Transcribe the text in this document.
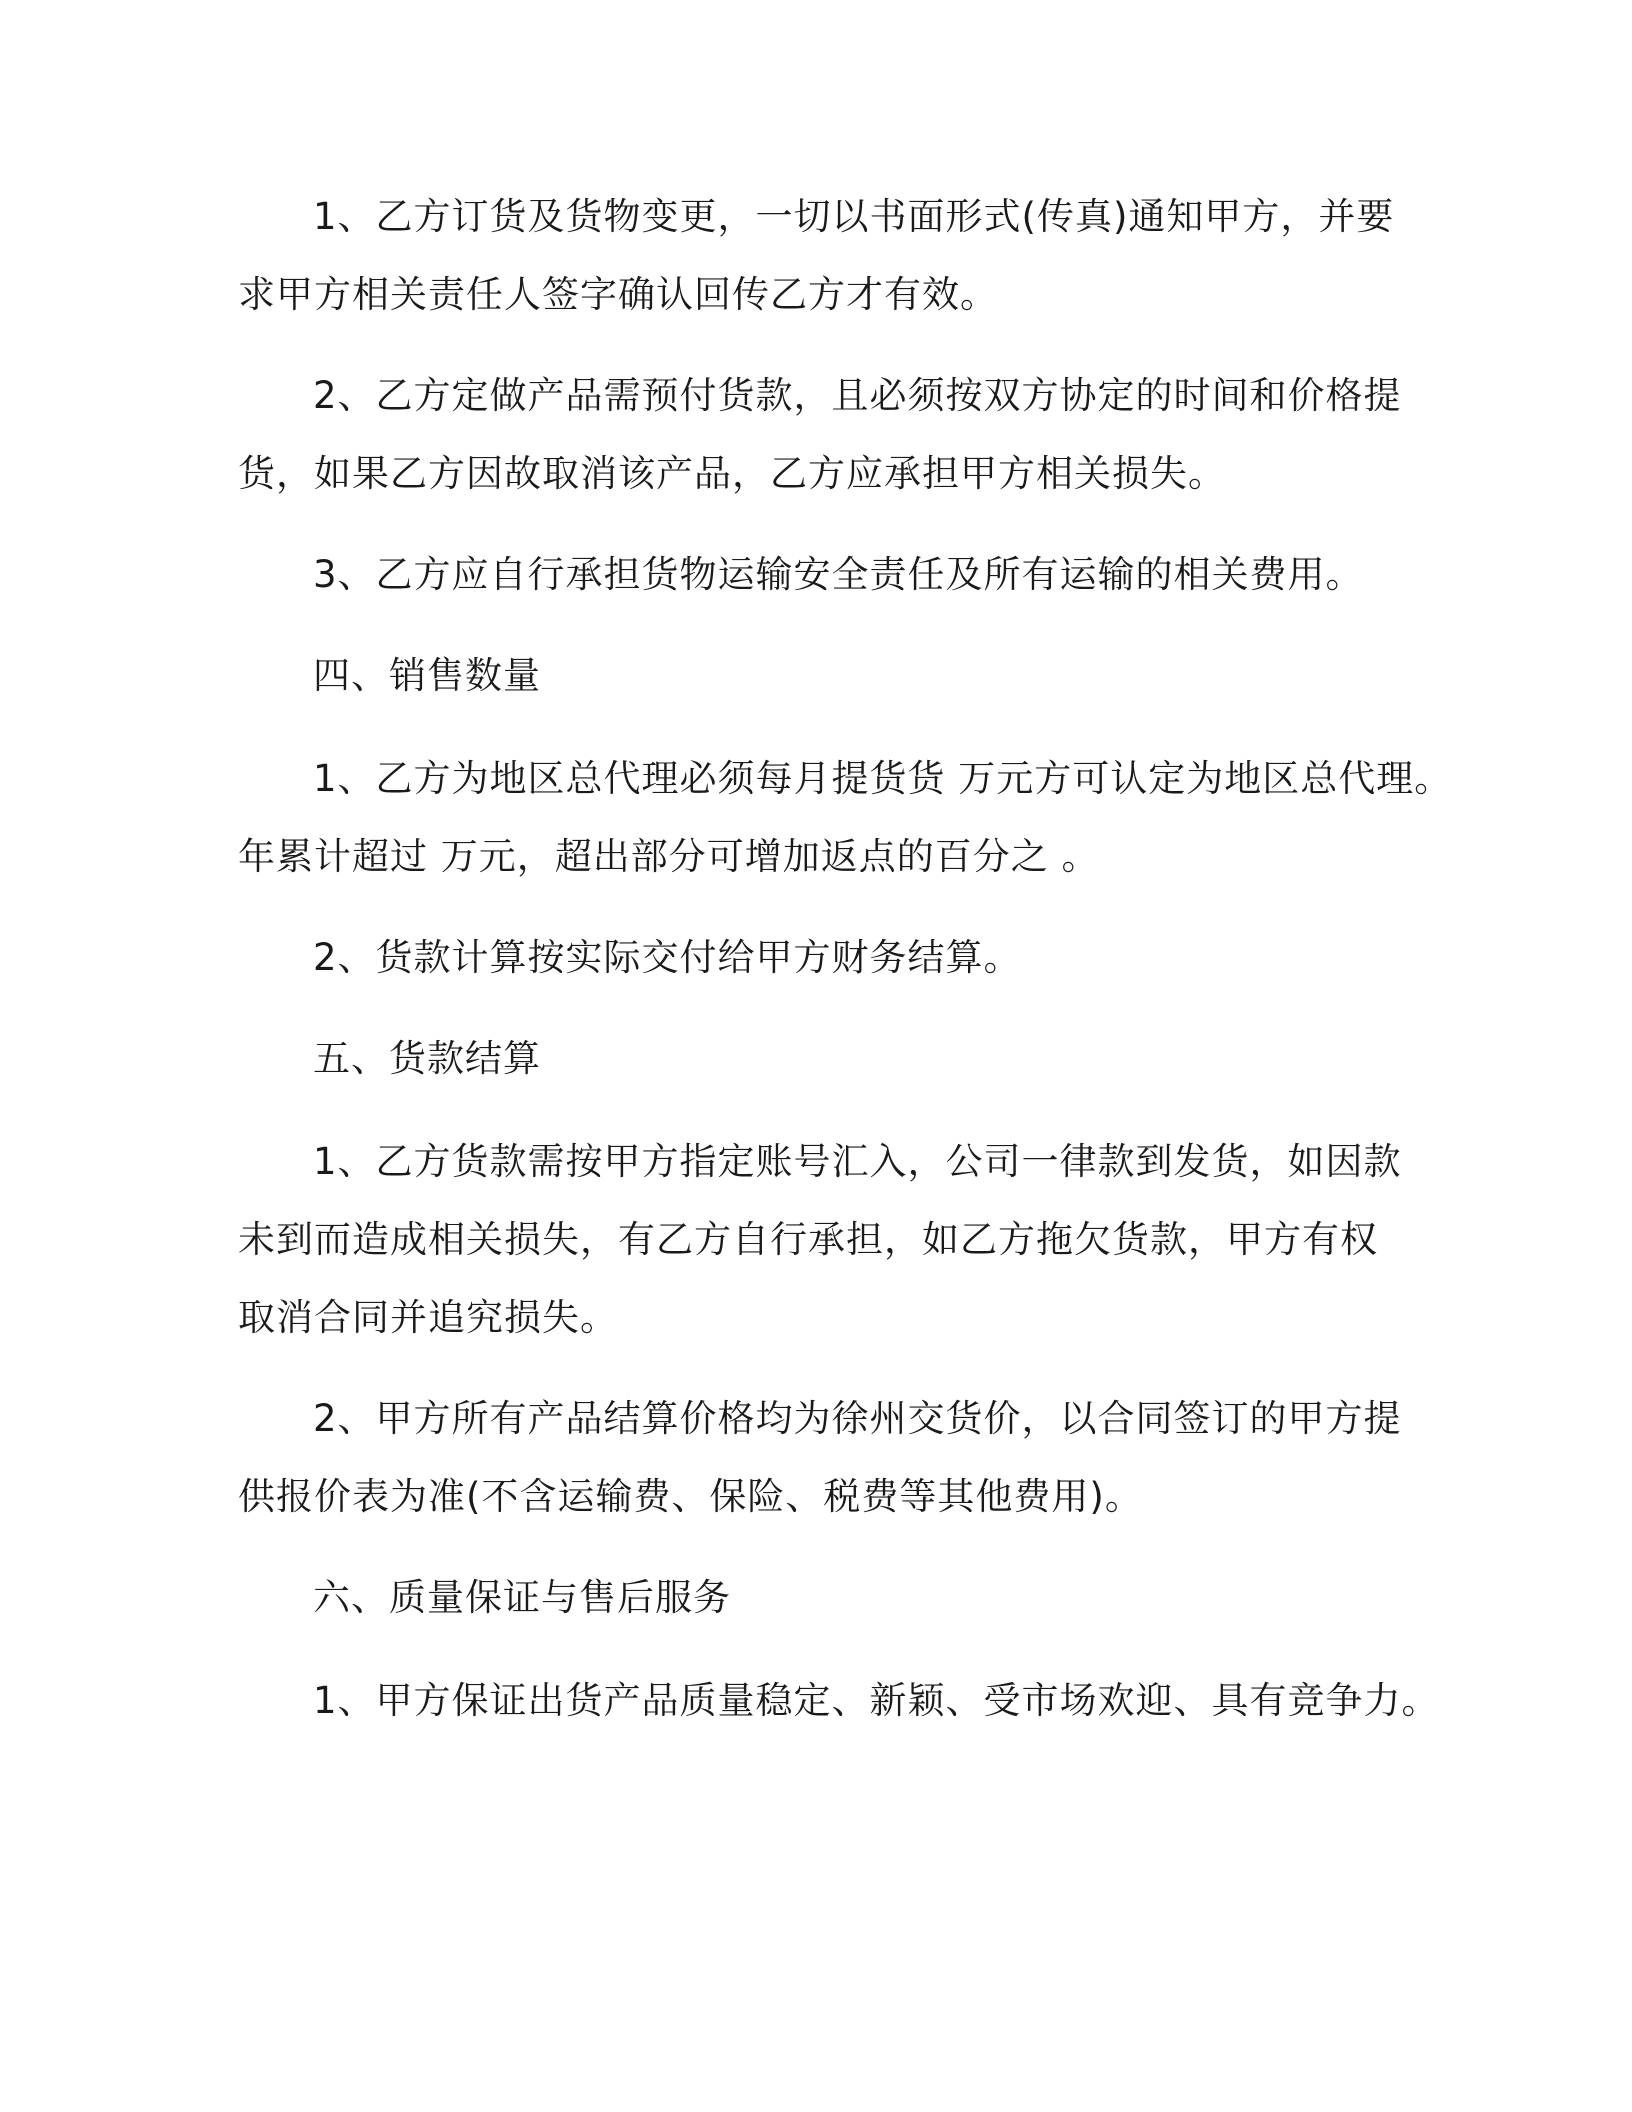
1、乙方订货及货物变更，一切以书面形式(传真)通知甲方，并要
求甲方相关责任人签字确认回传乙方才有效。
2、乙方定做产品需预付货款，且必须按双方协定的时间和价格提
货，如果乙方因故取消该产品，乙方应承担甲方相关损失。
3、乙方应自行承担货物运输安全责任及所有运输的相关费用。
四、销售数量
1、乙方为地区总代理必须每月提货货 万元方可认定为地区总代理。
年累计超过 万元，超出部分可增加返点的百分之 。
2、货款计算按实际交付给甲方财务结算。
五、货款结算
1、乙方货款需按甲方指定账号汇入，公司一律款到发货，如因款
未到而造成相关损失，有乙方自行承担，如乙方拖欠货款，甲方有权
取消合同并追究损失。
2、甲方所有产品结算价格均为徐州交货价，以合同签订的甲方提
供报价表为准(不含运输费、保险、税费等其他费用)。
六、质量保证与售后服务
1、甲方保证出货产品质量稳定、新颖、受市场欢迎、具有竞争力。
